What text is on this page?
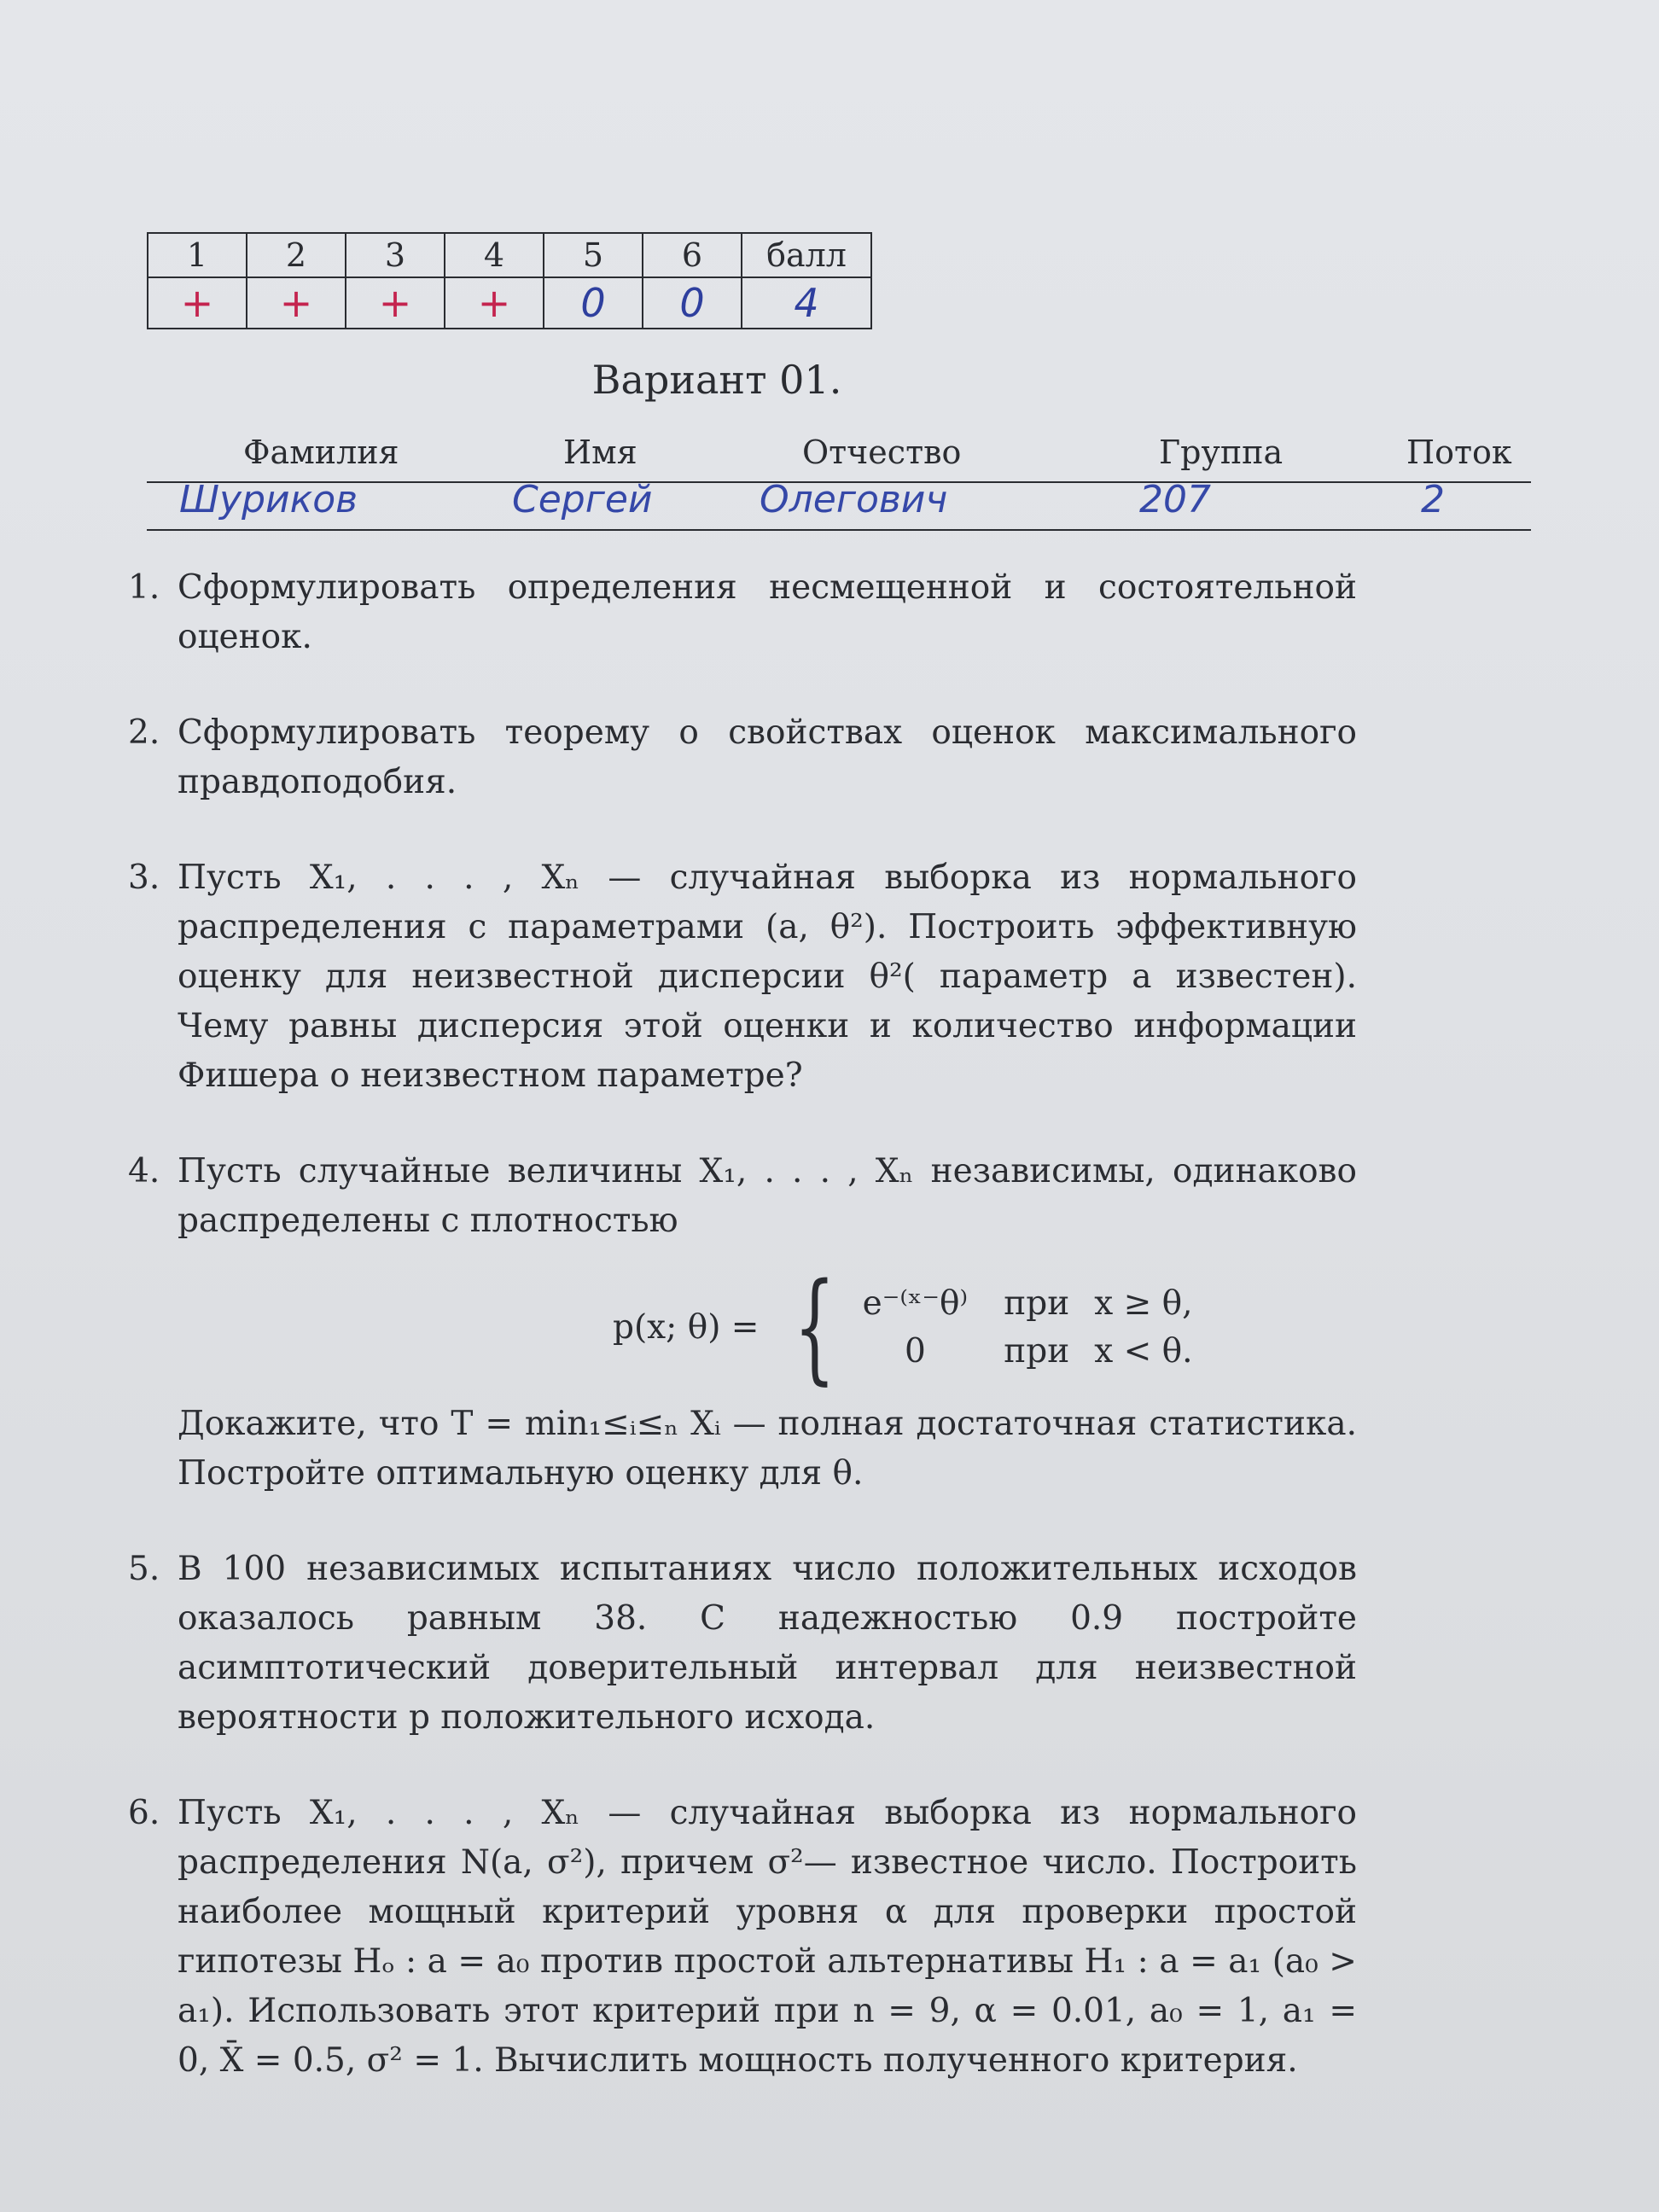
1	2	3	4	5	6	балл
+	+	+	+	0	0	4
Вариант 01.
Фамилия	Имя	Отчество	Группа	Поток
Шуриков	Сергей	Олегович	207	2
1. Сформулировать определения несмещенной и состоятельной оценок.

2. Сформулировать теорему о свойствах оценок максимального правдоподобия.

3. Пусть X₁, . . . , Xₙ — случайная выборка из нормального распределения с параметрами (a, θ²). Построить эффективную оценку для неизвестной дисперсии θ²( параметр a известен). Чему равны дисперсия этой оценки и количество информации Фишера о неизвестном параметре?

4. Пусть случайные величины X₁, . . . , Xₙ независимы, одинаково распределены с плотностью

p(x; θ) = { e⁻⁽ˣ⁻θ⁾ при x ≥ θ,
0 при x < θ.

Докажите, что T = min₁≤ᵢ≤ₙ Xᵢ — полная достаточная статистика. Постройте оптимальную оценку для θ.

5. В 100 независимых испытаниях число положительных исходов оказалось равным 38. С надежностью 0.9 постройте асимптотический доверительный интервал для неизвестной вероятности p положительного исхода.

6. Пусть X₁, . . . , Xₙ — случайная выборка из нормального распределения N(a, σ²), причем σ²— известное число. Построить наиболее мощный критерий уровня α для проверки простой гипотезы Hₒ : a = a₀ против простой альтернативы H₁ : a = a₁ (a₀ > a₁). Использовать этот критерий при n = 9, α = 0.01, a₀ = 1, a₁ = 0, X̄ = 0.5, σ² = 1. Вычислить мощность полученного критерия.
